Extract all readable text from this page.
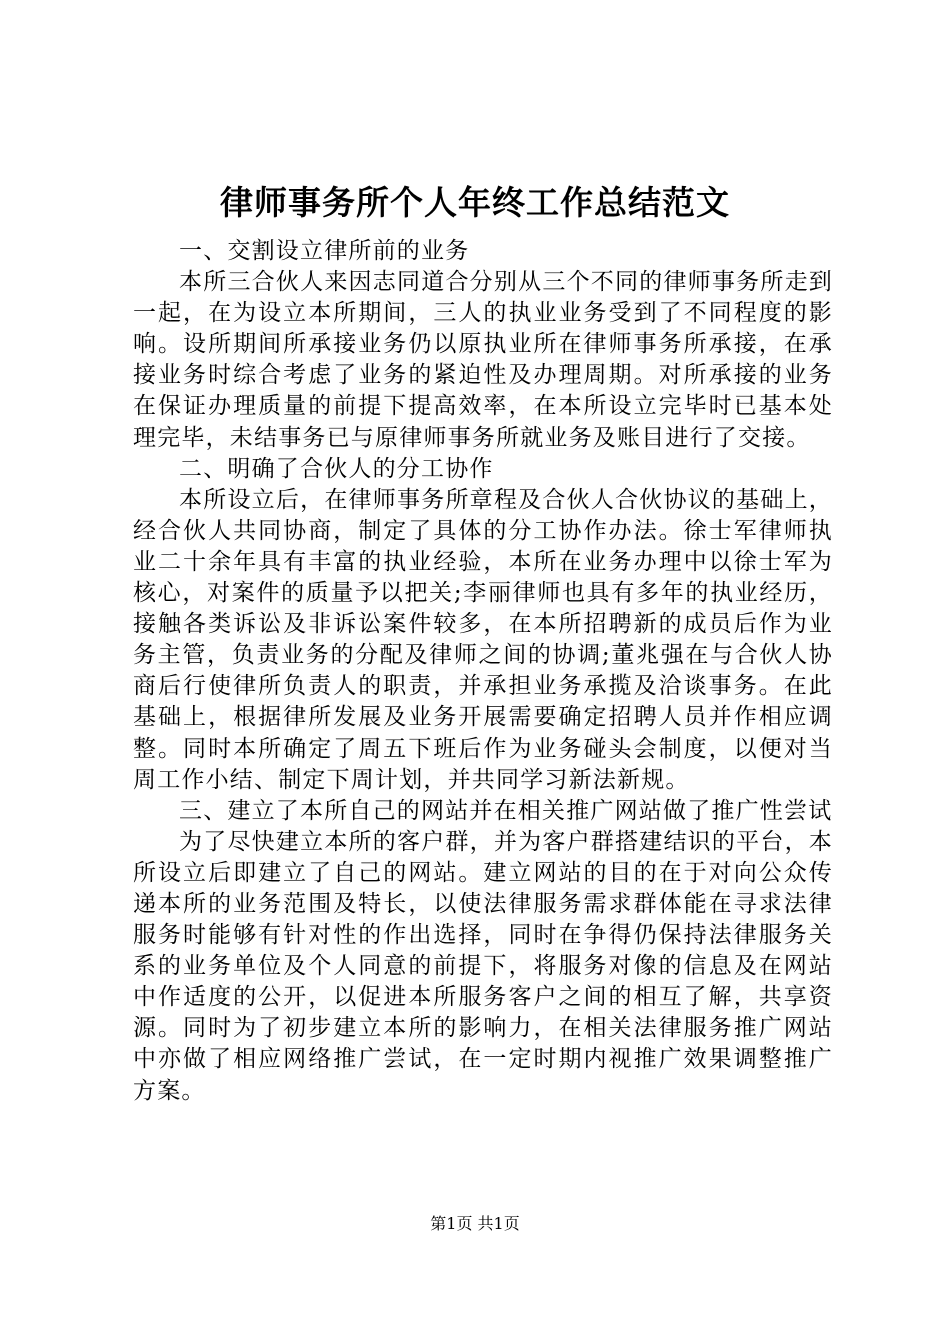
律师事务所个人年终工作总结范文

一、交割设立律所前的业务

本所三合伙人来因志同道合分别从三个不同的律师事务所走到一起，在为设立本所期间，三人的执业业务受到了不同程度的影响。设所期间所承接业务仍以原执业所在律师事务所承接，在承接业务时综合考虑了业务的紧迫性及办理周期。对所承接的业务在保证办理质量的前提下提高效率，在本所设立完毕时已基本处理完毕，未结事务已与原律师事务所就业务及账目进行了交接。

二、明确了合伙人的分工协作

本所设立后，在律师事务所章程及合伙人合伙协议的基础上，经合伙人共同协商，制定了具体的分工协作办法。徐士军律师执业二十余年具有丰富的执业经验，本所在业务办理中以徐士军为核心，对案件的质量予以把关;李丽律师也具有多年的执业经历，接触各类诉讼及非诉讼案件较多，在本所招聘新的成员后作为业务主管，负责业务的分配及律师之间的协调;董兆强在与合伙人协商后行使律所负责人的职责，并承担业务承揽及洽谈事务。在此基础上，根据律所发展及业务开展需要确定招聘人员并作相应调整。同时本所确定了周五下班后作为业务碰头会制度，以便对当周工作小结、制定下周计划，并共同学习新法新规。

三、建立了本所自己的网站并在相关推广网站做了推广性尝试

为了尽快建立本所的客户群，并为客户群搭建结识的平台，本所设立后即建立了自己的网站。建立网站的目的在于对向公众传递本所的业务范围及特长，以使法律服务需求群体能在寻求法律服务时能够有针对性的作出选择，同时在争得仍保持法律服务关系的业务单位及个人同意的前提下，将服务对像的信息及在网站中作适度的公开，以促进本所服务客户之间的相互了解，共享资源。同时为了初步建立本所的影响力，在相关法律服务推广网站中亦做了相应网络推广尝试，在一定时期内视推广效果调整推广方案。

第1页 共1页
